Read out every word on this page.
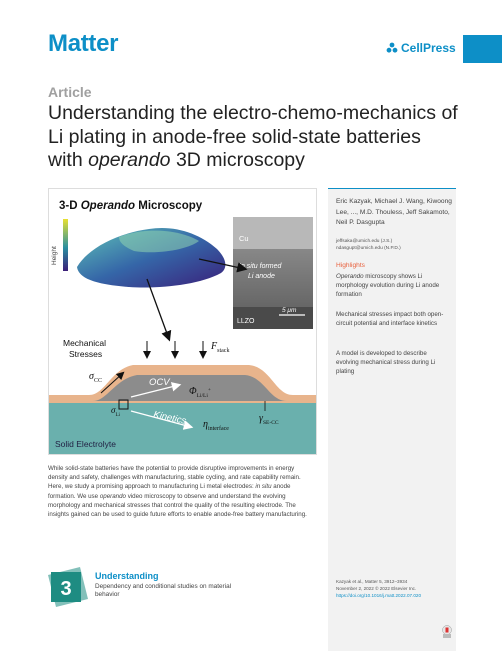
Matter	CellPress
Article
Understanding the electro-chemo-mechanics of Li plating in anode-free solid-state batteries with operando 3D microscopy
3-D Operando Microscopy
Height
Cu
In situ formed
Li anode
LLZO
5 μm
Mechanical
Stresses
$F_{stack}$
$\sigma_{CC}$
$\sigma_{Li}$
OCV
$\Phi_{Li/Li}^+$
Kinetics $\eta_{interface}$
$\gamma_{SE-CC}$
Solid Electrolyte
Eric Kazyak, Michael J. Wang, Kiwoong Lee, ..., M.D. Thouless, Jeff Sakamoto, Neil P. Dasgupta
jeffsaka@umich.edu (J.S.)
ndasgupt@umich.edu (N.P.D.)
Highlights
Operando microscopy shows Li morphology evolution during Li anode formation
Mechanical stresses impact both open-circuit potential and interface kinetics
A model is developed to describe evolving mechanical stress during Li plating
Kazyak et al., Matter 5, 3912–3934
November 2, 2022 © 2022 Elsevier Inc.
https://doi.org/10.1016/j.matt.2022.07.020
While solid-state batteries have the potential to provide disruptive improvements in energy density and safety, challenges with manufacturing, stable cycling, and rate capability remain. Here, we study a promising approach to manufacturing Li metal electrodes: in situ anode formation. We use operando video microscopy to observe and understand the evolving morphology and mechanical stresses that control the quality of the resulting electrode. The insights gained can be used to guide future efforts to enable anode-free battery manufacturing.
3
Understanding
Dependency and conditional studies on material behavior
